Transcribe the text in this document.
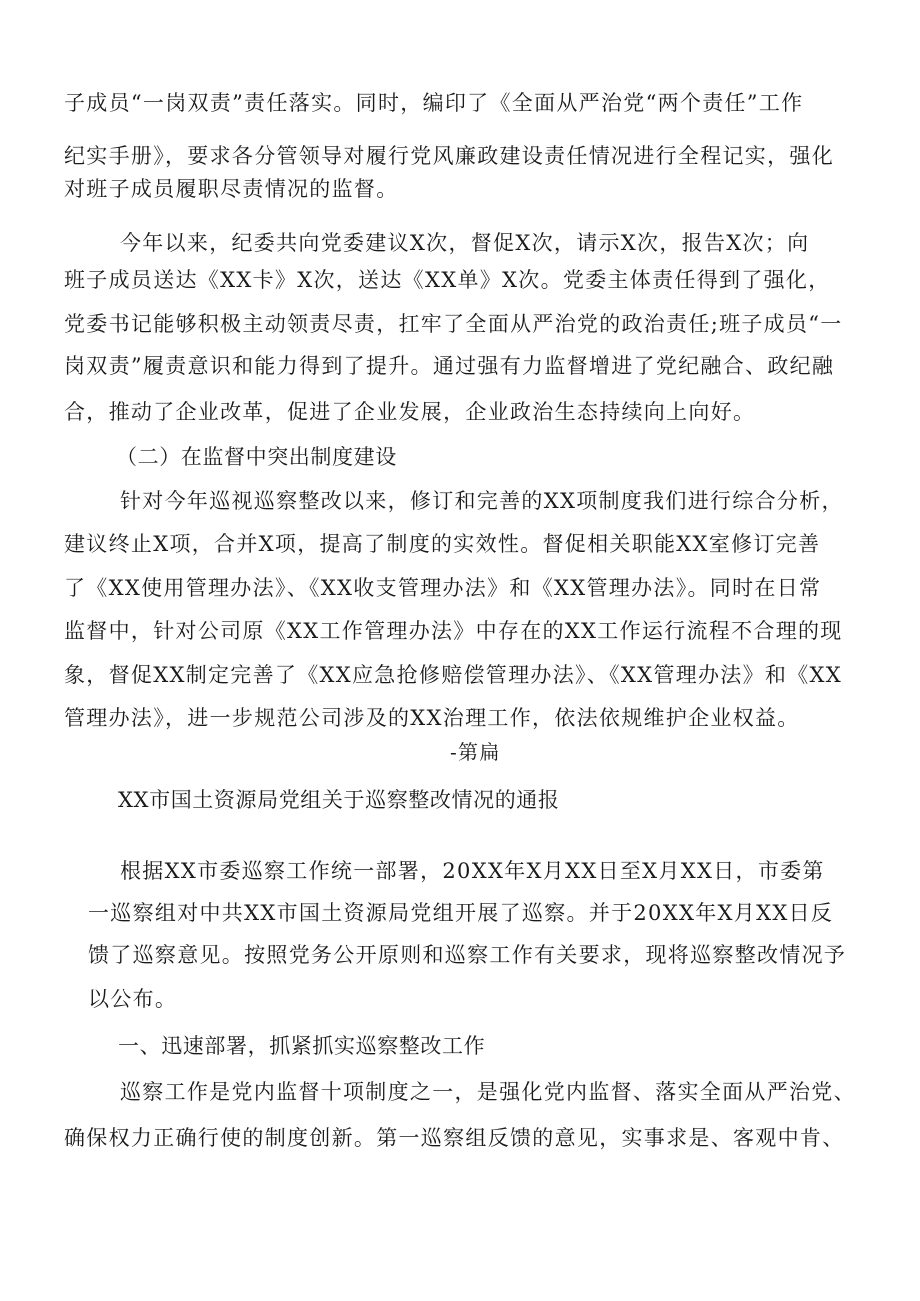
子成员“一岗双责”责任落实。同时，编印了《全面从严治党“两个责任”工作
纪实手册》，要求各分管领导对履行党风廉政建设责任情况进行全程记实，强化
对班子成员履职尽责情况的监督。
今年以来，纪委共向党委建议X次，督促X次，请示X次，报告X次；向
班子成员送达《XX卡》X次，送达《XX单》X次。党委主体责任得到了强化，
党委书记能够积极主动领责尽责，扛牢了全面从严治党的政治责任;班子成员“一
岗双责”履责意识和能力得到了提升。通过强有力监督增进了党纪融合、政纪融
合，推动了企业改革，促进了企业发展，企业政治生态持续向上向好。
（二）在监督中突出制度建设
针对今年巡视巡察整改以来，修订和完善的XX项制度我们进行综合分析，
建议终止X项，合并X项，提高了制度的实效性。督促相关职能XX室修订完善
了《XX使用管理办法》、《XX收支管理办法》和《XX管理办法》。同时在日常
监督中，针对公司原《XX工作管理办法》中存在的XX工作运行流程不合理的现
象，督促XX制定完善了《XX应急抢修赔偿管理办法》、《XX管理办法》和《XX
管理办法》，进一步规范公司涉及的XX治理工作，依法依规维护企业权益。
-第扁
XX市国土资源局党组关于巡察整改情况的通报
根据XX市委巡察工作统一部署，20XX年X月XX日至X月XX日，市委第
一巡察组对中共XX市国土资源局党组开展了巡察。并于20XX年X月XX日反
馈了巡察意见。按照党务公开原则和巡察工作有关要求，现将巡察整改情况予
以公布。
一、迅速部署，抓紧抓实巡察整改工作
巡察工作是党内监督十项制度之一，是强化党内监督、落实全面从严治党、
确保权力正确行使的制度创新。第一巡察组反馈的意见，实事求是、客观中肯、
